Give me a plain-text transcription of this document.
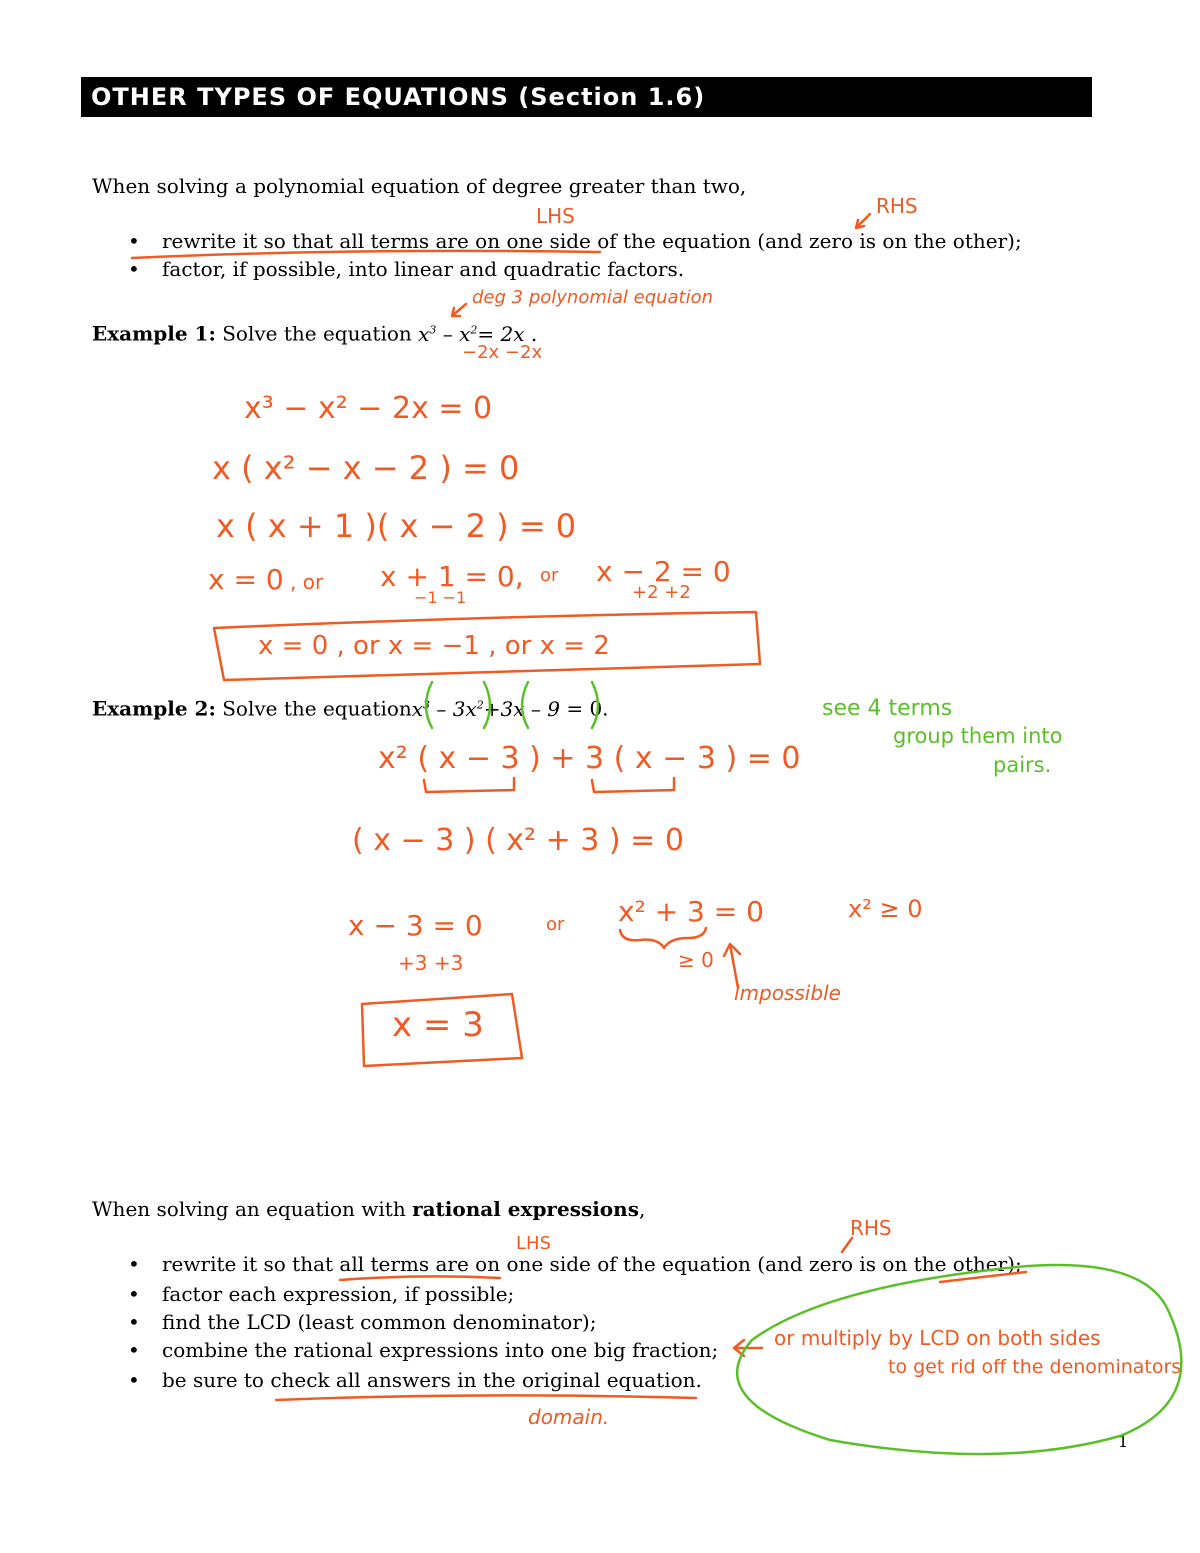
OTHER TYPES OF EQUATIONS (Section 1.6)
When solving a polynomial equation of degree greater than two,
• rewrite it so that all terms are on one side of the equation (and zero is on the other);
• factor, if possible, into linear and quadratic factors.
Example 1: Solve the equation $x^3 - x^2= 2x$ .
Example 2: Solve the equationx$^3$ – $3x^2+3x - 9 = 0$.
When solving an equation with rational expressions,
• rewrite it so that all terms are on one side of the equation (and zero is on the other);
• factor each expression, if possible;
• find the LCD (least common denominator);
• combine the rational expressions into one big fraction;
• be sure to check all answers in the original equation.
1
LHS	RHS
deg 3 polynomial equation
−2x −2x
x³ − x² − 2x = 0
x ( x² − x − 2 ) = 0
x ( x + 1 )( x − 2 ) = 0
x = 0 , or x + 1 = 0, or x − 2 = 0
−1 −1	+2 +2
x = 0 , or x = −1 , or x = 2
see 4 terms
group them into
pairs.
x² ( x − 3 ) + 3 ( x − 3 ) = 0
( x − 3 ) ( x² + 3 ) = 0
x − 3 = 0	or x² + 3 = 0	x² ≥ 0
+3 +3	≥ 0
impossible
x = 3
LHS
RHS
or multiply by LCD on both sides
to get rid off the denominators
domain.
